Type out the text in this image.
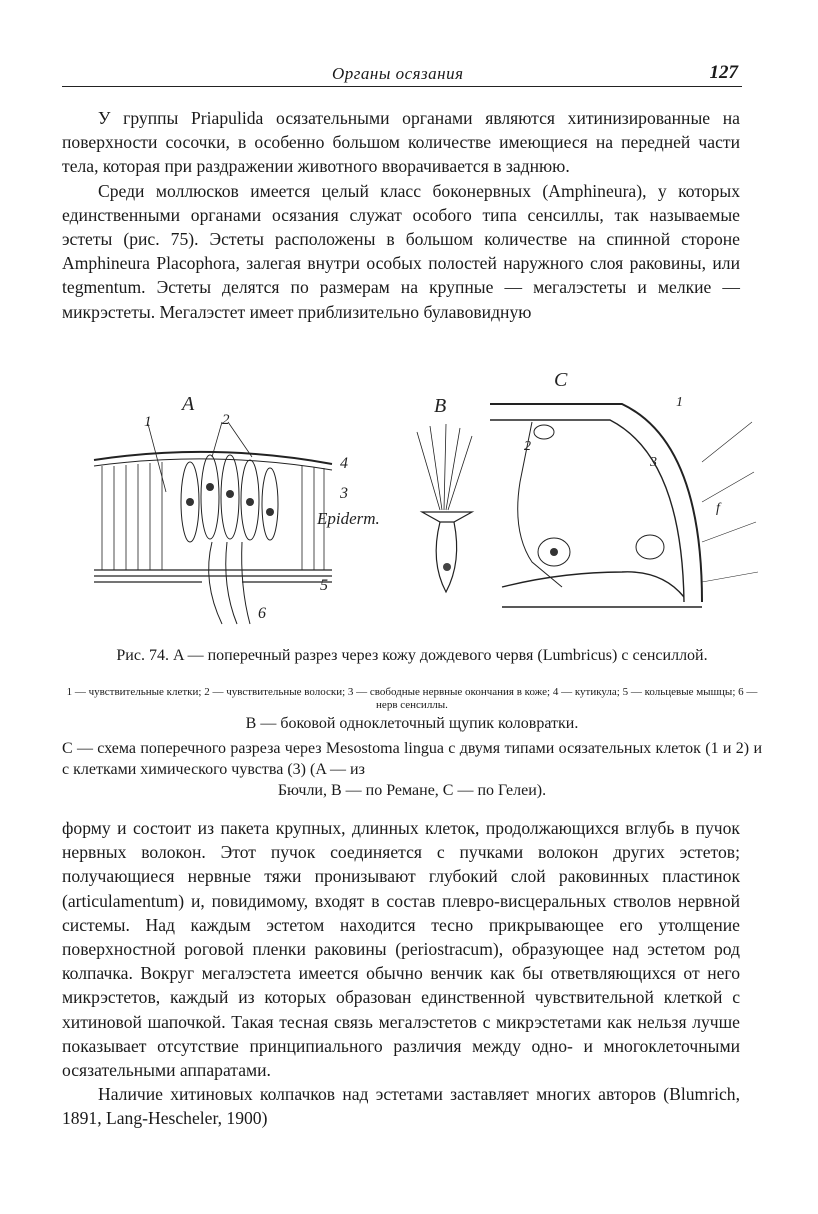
Органы осязания	127

У группы Priapulida осязательными органами являются хитинизированные на поверхности сосочки, в особенно большом количестве имеющиеся на передней части тела, которая при раздражении животного вворачивается в заднюю.

Среди моллюсков имеется целый класс боконервных (Amphineura), у которых единственными органами осязания служат особого типа сенсиллы, так называемые эстеты (рис. 75). Эстеты расположены в большом количестве на спинной стороне Amphineura Placophora, залегая внутри особых полостей наружного слоя раковины, или tegmentum. Эстеты делятся по размерам на крупные — мегалэстеты и мелкие — микрэстеты. Мегалэстет имеет приблизительно булавовидную

A
1	2
4
3
Epiderm.
5
6
B
C
1
2
3
f
Рис. 74. A — поперечный разрез через кожу дождевого червя (Lumbricus) с сенсиллой.
1 — чувствительные клетки; 2 — чувствительные волоски; 3 — свободные нервные окончания в коже; 4 — кутикула; 5 — кольцевые мышцы; 6 — нерв сенсиллы.
B — боковой одноклеточный щупик коловратки.
C — схема поперечного разреза через Mesostoma lingua с двумя типами осязательных клеток (1 и 2) и с клетками химического чувства (3) (A — из
Бючли, B — по Ремане, C — по Гелеи).

форму и состоит из пакета крупных, длинных клеток, продолжающихся вглубь в пучок нервных волокон. Этот пучок соединяется с пучками волокон других эстетов; получающиеся нервные тяжи пронизывают глубокий слой раковинных пластинок (articulamentum) и, повидимому, входят в состав плевро-висцеральных стволов нервной системы. Над каждым эстетом находится тесно прикрывающее его утолщение поверхностной роговой пленки раковины (periostracum), образующее над эстетом род колпачка. Вокруг мегалэстета имеется обычно венчик как бы ответвляющихся от него микрэстетов, каждый из которых образован единственной чувствительной клеткой с хитиновой шапочкой. Такая тесная связь мегалэстетов с микрэстетами как нельзя лучше показывает отсутствие принципиального различия между одно- и многоклеточными осязательными аппаратами.

Наличие хитиновых колпачков над эстетами заставляет многих авторов (Blumrich, 1891, Lang-Hescheler, 1900)
